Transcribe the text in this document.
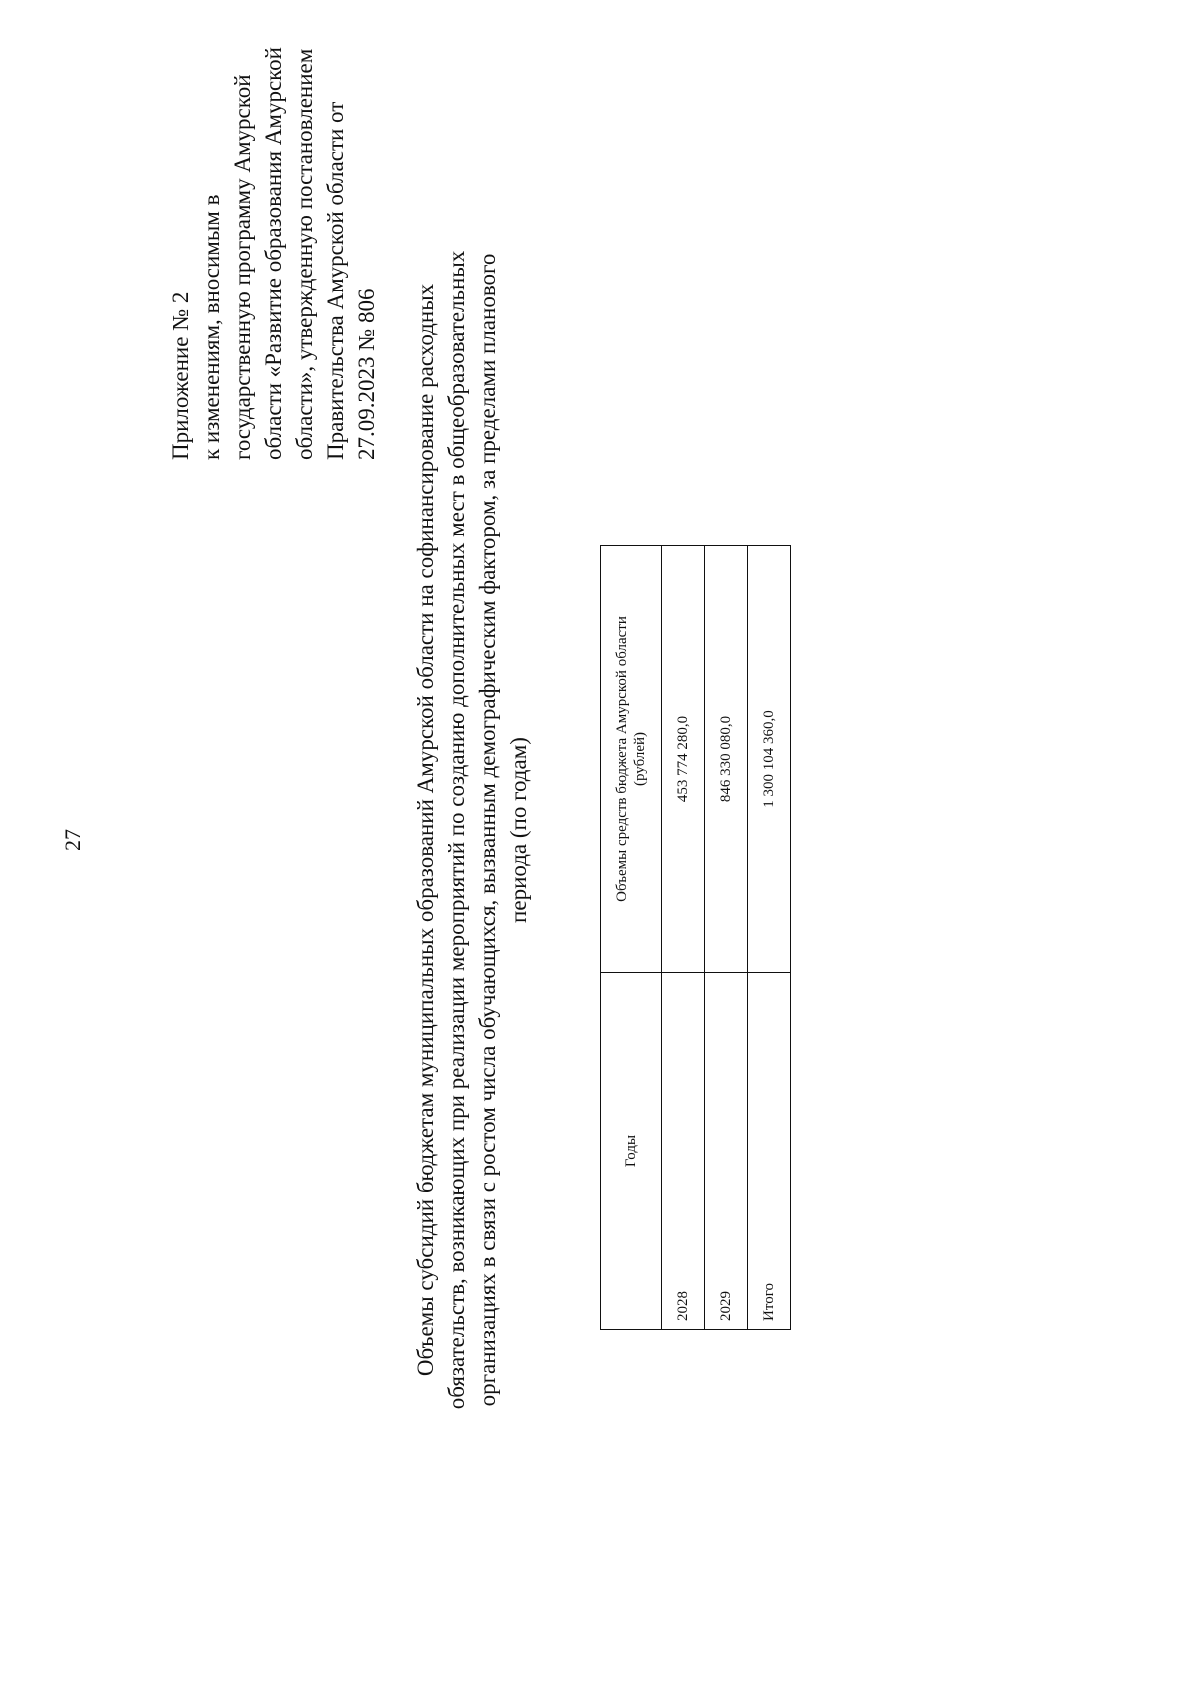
27
Приложение № 2 к изменениям, вносимым в государственную программу Амурской области «Развитие образования Амурской области», утвержденную постановлением Правительства Амурской области от 27.09.2023 № 806 Объемы субсидий бюджетам муниципальных образований Амурской области на софинансирование расходных обязательств, возникающих при реализации мероприятий по созданию дополнительных мест в общеобразовательных организациях в связи с ростом числа обучающихся, вызванным демографическим фактором, за пределами планового периода (по годам)
Годы	Объемы средств бюджета Амурской области (рублей)
2028	453 774 280,0
2029	846 330 080,0
Итого	1 300 104 360,0
